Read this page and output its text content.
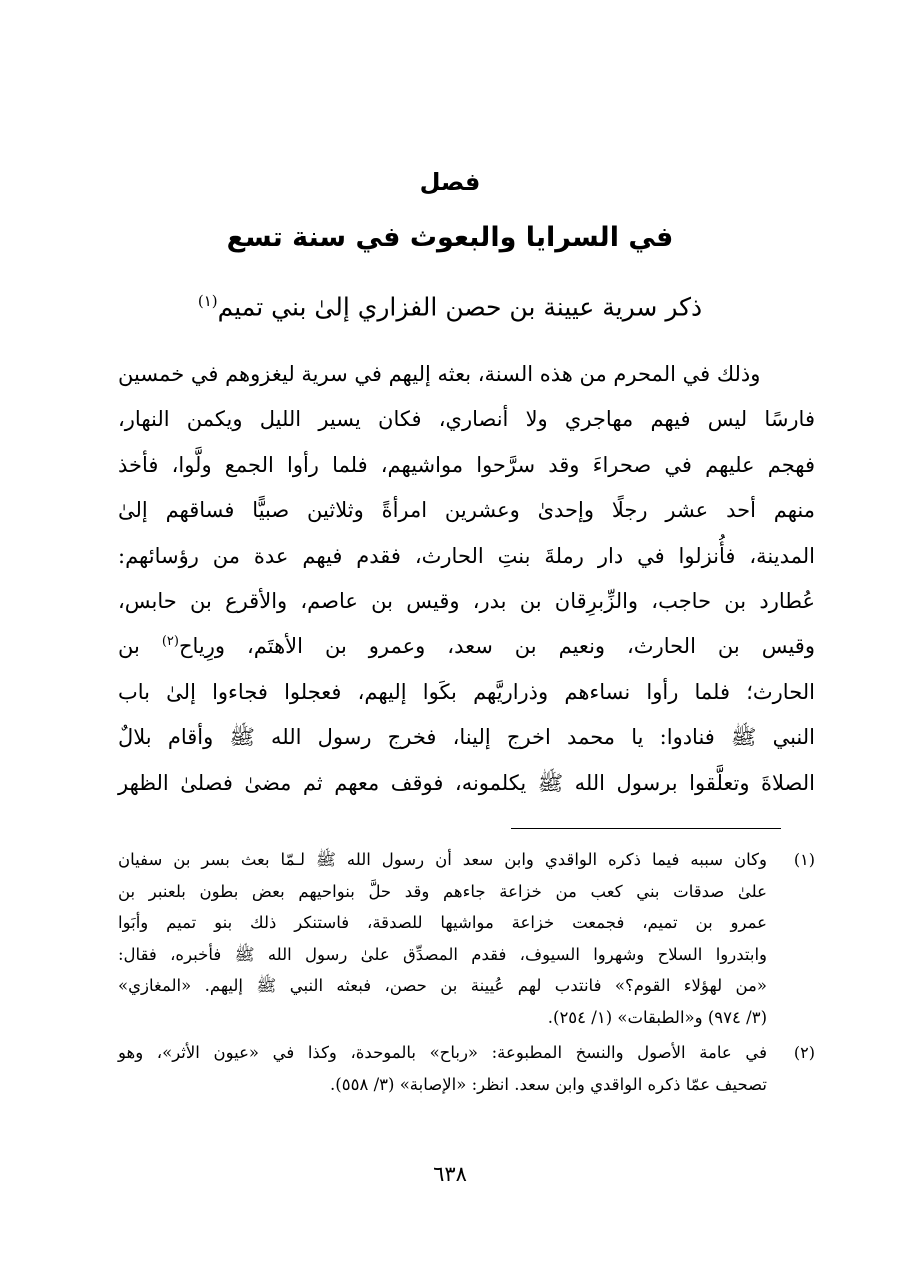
فصل
في السرايا والبعوث في سنة تسع
ذكر سرية عيينة بن حصن الفزاري إلىٰ بني تميم$^{(١)}$
وذلك في المحرم من هذه السنة، بعثه إليهم في سرية ليغزوهم في خمسين
فارسًا ليس فيهم مهاجري ولا أنصاري، فكان يسير الليل ويكمن النهار،
فهجم عليهم في صحراءَ وقد سرَّحوا مواشيهم، فلما رأوا الجمع ولَّوا، فأخذ
منهم أحد عشر رجلًا وإحدىٰ وعشرين امرأةً وثلاثين صبيًّا فساقهم إلىٰ
المدينة، فأُنزلوا في دار رملةَ بنتِ الحارث، فقدم فيهم عدة من رؤسائهم:
عُطارد بن حاجب، والزِّبرِقان بن بدر، وقيس بن عاصم، والأقرع بن حابس،
وقيس بن الحارث، ونعيم بن سعد، وعمرو بن الأهتَم، ورِياح$^{(٢)}$ بن
الحارث؛ فلما رأوا نساءهم وذراريَّهم بكَوا إليهم، فعجلوا فجاءوا إلىٰ باب
النبي ﷺ فنادوا: يا محمد اخرج إلينا، فخرج رسول الله ﷺ وأقام بلالٌ
الصلاةَ وتعلَّقوا برسول الله ﷺ يكلمونه، فوقف معهم ثم مضىٰ فصلىٰ الظهر
(١)
وكان سببه فيما ذكره الواقدي وابن سعد أن رسول الله ﷺ لـمّا بعث بسر بن سفيان
علىٰ صدقات بني كعب من خزاعة جاءهم وقد حلَّ بنواحيهم بعض بطون بلعنبر بن
عمرو بن تميم، فجمعت خزاعة مواشيها للصدقة، فاستنكر ذلك بنو تميم وأبَوا
وابتدروا السلاح وشهروا السيوف، فقدم المصدِّق علىٰ رسول الله ﷺ فأخبره، فقال:
«من لهؤلاء القوم؟» فانتدب لهم عُيينة بن حصن، فبعثه النبي ﷺ إليهم. «المغازي»
(٣/ ٩٧٤) و«الطبقات» (١/ ٢٥٤).
(٢)
في عامة الأصول والنسخ المطبوعة: «رباح» بالموحدة، وكذا في «عيون الأثر»، وهو
تصحيف عمّا ذكره الواقدي وابن سعد. انظر: «الإصابة» (٣/ ٥٥٨).
٦٣٨
